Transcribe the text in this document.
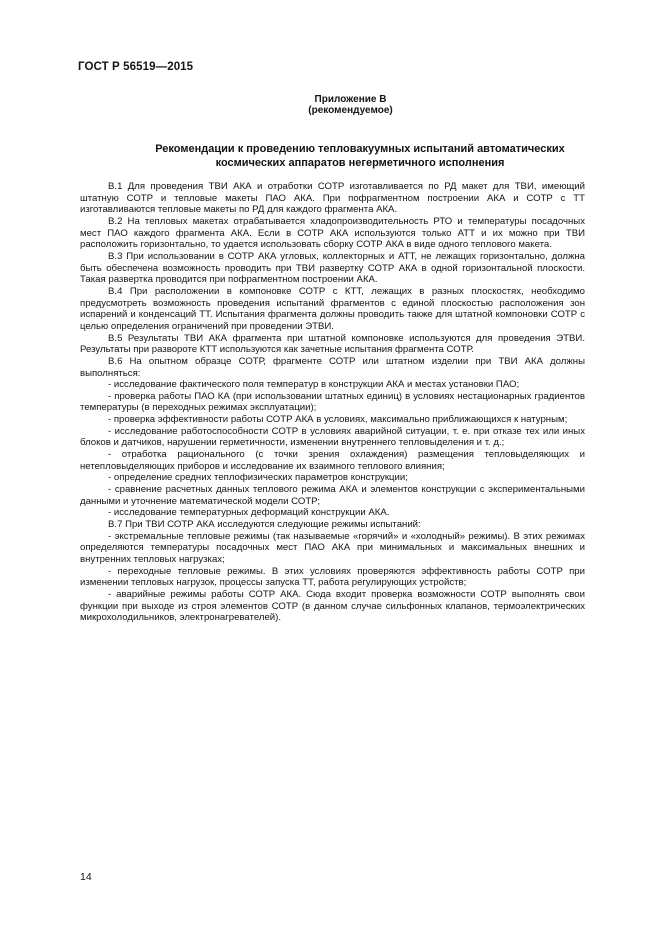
ГОСТ Р 56519—2015
Приложение В
(рекомендуемое)
Рекомендации к проведению тепловакуумных испытаний автоматических
космических аппаратов негерметичного исполнения

В.1 Для проведения ТВИ АКА и отработки СОТР изготавливается по РД макет для ТВИ, имеющий штатную СОТР и тепловые макеты ПАО АКА. При пофрагментном построении АКА и СОТР с ТТ изготавливаются тепловые макеты по РД для каждого фрагмента АКА.

В.2 На тепловых макетах отрабатывается хладопроизводительность РТО и температуры посадочных мест ПАО каждого фрагмента АКА. Если в СОТР АКА используются только АТТ и их можно при ТВИ расположить горизонтально, то удается использовать сборку СОТР АКА в виде одного теплового макета.

В.3 При использовании в СОТР АКА угловых, коллекторных и АТТ, не лежащих горизонтально, должна быть обеспечена возможность проводить при ТВИ развертку СОТР АКА в одной горизонтальной плоскости. Такая развертка проводится при пофрагментном построении АКА.

В.4 При расположении в компоновке СОТР с КТТ, лежащих в разных плоскостях, необходимо предусмотреть возможность проведения испытаний фрагментов с единой плоскостью расположения зон испарений и конденсаций ТТ. Испытания фрагмента должны проводить также для штатной компоновки СОТР с целью определения ограничений при проведении ЭТВИ.

В.5 Результаты ТВИ АКА фрагмента при штатной компоновке используются для проведения ЭТВИ. Результаты при развороте КТТ используются как зачетные испытания фрагмента СОТР.

В.6 На опытном образце СОТР, фрагменте СОТР или штатном изделии при ТВИ АКА должны выполняться:

- исследование фактического поля температур в конструкции АКА и местах установки ПАО;

- проверка работы ПАО КА (при использовании штатных единиц) в условиях нестационарных градиентов температуры (в переходных режимах эксплуатации);

- проверка эффективности работы СОТР АКА в условиях, максимально приближающихся к натурным;

- исследование работоспособности СОТР в условиях аварийной ситуации, т. е. при отказе тех или иных блоков и датчиков, нарушении герметичности, изменении внутреннего тепловыделения и т. д.;

- отработка рационального (с точки зрения охлаждения) размещения тепловыделяющих и нетепловыделяющих приборов и исследование их взаимного теплового влияния;

- определение средних теплофизических параметров конструкции;

- сравнение расчетных данных теплового режима АКА и элементов конструкции с экспериментальными данными и уточнение математической модели СОТР;

- исследование температурных деформаций конструкции АКА.

В.7 При ТВИ СОТР АКА исследуются следующие режимы испытаний:

- экстремальные тепловые режимы (так называемые «горячий» и «холодный» режимы). В этих режимах определяются температуры посадочных мест ПАО АКА при минимальных и максимальных внешних и внутренних тепловых нагрузках;

- переходные тепловые режимы. В этих условиях проверяются эффективность работы СОТР при изменении тепловых нагрузок, процессы запуска ТТ, работа регулирующих устройств;

- аварийные режимы работы СОТР АКА. Сюда входит проверка возможности СОТР выполнять свои функции при выходе из строя элементов СОТР (в данном случае сильфонных клапанов, термоэлектрических микрохолодильников, электронагревателей).

14
